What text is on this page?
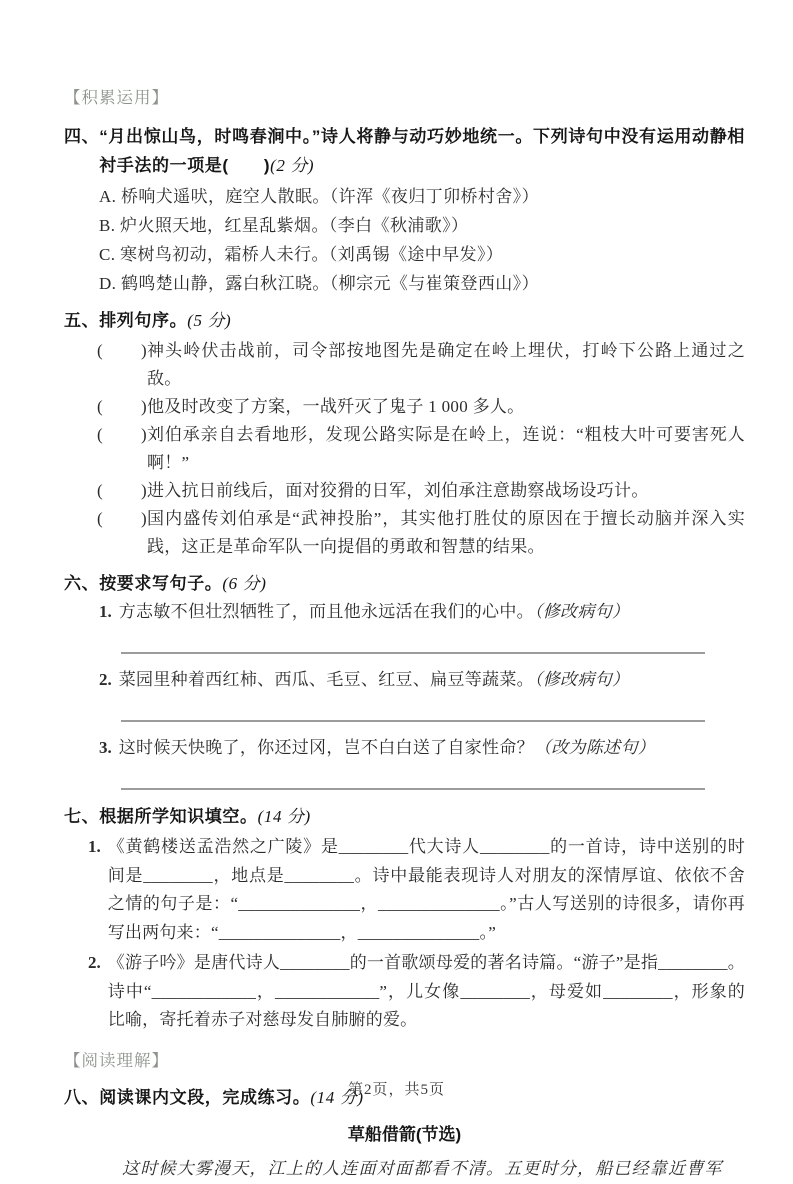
【积累运用】
四、 “月出惊山鸟，时鸣春涧中。”诗人将静与动巧妙地统一。下列诗句中没有运用动静相衬手法的一项是(　　)(2 分)
A. 桥响犬遥吠，庭空人散眠。（许浑《夜归丁卯桥村舍》）
B. 炉火照天地，红星乱紫烟。（李白《秋浦歌》）
C. 寒树鸟初动，霜桥人未行。（刘禹锡《途中早发》）
D. 鹤鸣楚山静，露白秋江晓。（柳宗元《与崔策登西山》）
五、 排列句序。(5 分)
( ) 神头岭伏击战前，司令部按地图先是确定在岭上埋伏，打岭下公路上通过之敌。
( ) 他及时改变了方案，一战歼灭了鬼子 1 000 多人。
( ) 刘伯承亲自去看地形，发现公路实际是在岭上，连说：“粗枝大叶可要害死人啊！”
( ) 进入抗日前线后，面对狡猾的日军，刘伯承注意勘察战场设巧计。
( ) 国内盛传刘伯承是“武神投胎”，其实他打胜仗的原因在于擅长动脑并深入实践，这正是革命军队一向提倡的勇敢和智慧的结果。
六、 按要求写句子。(6 分)
1. 方志敏不但壮烈牺牲了，而且他永远活在我们的心中。（修改病句）
2. 菜园里种着西红柿、西瓜、毛豆、红豆、扁豆等蔬菜。（修改病句）
3. 这时候天快晚了，你还过冈，岂不白白送了自家性命？（改为陈述句）
七、 根据所学知识填空。(14 分)
1. 《黄鹤楼送孟浩然之广陵》是________代大诗人________的一首诗，诗中送别的时间是________，地点是________。诗中最能表现诗人对朋友的深情厚谊、依依不舍之情的句子是：“______________，______________。”古人写送别的诗很多，请你再写出两句来：“______________，______________。”
2. 《游子吟》是唐代诗人________的一首歌颂母爱的著名诗篇。“游子”是指________。诗中“____________，____________”，儿女像________，母爱如________，形象的比喻，寄托着赤子对慈母发自肺腑的爱。
【阅读理解】
八、 阅读课内文段，完成练习。(14 分)
草船借箭(节选)
这时候大雾漫天，江上的人连面对面都看不清。五更时分，船已经靠近曹军
第2页，共5页
